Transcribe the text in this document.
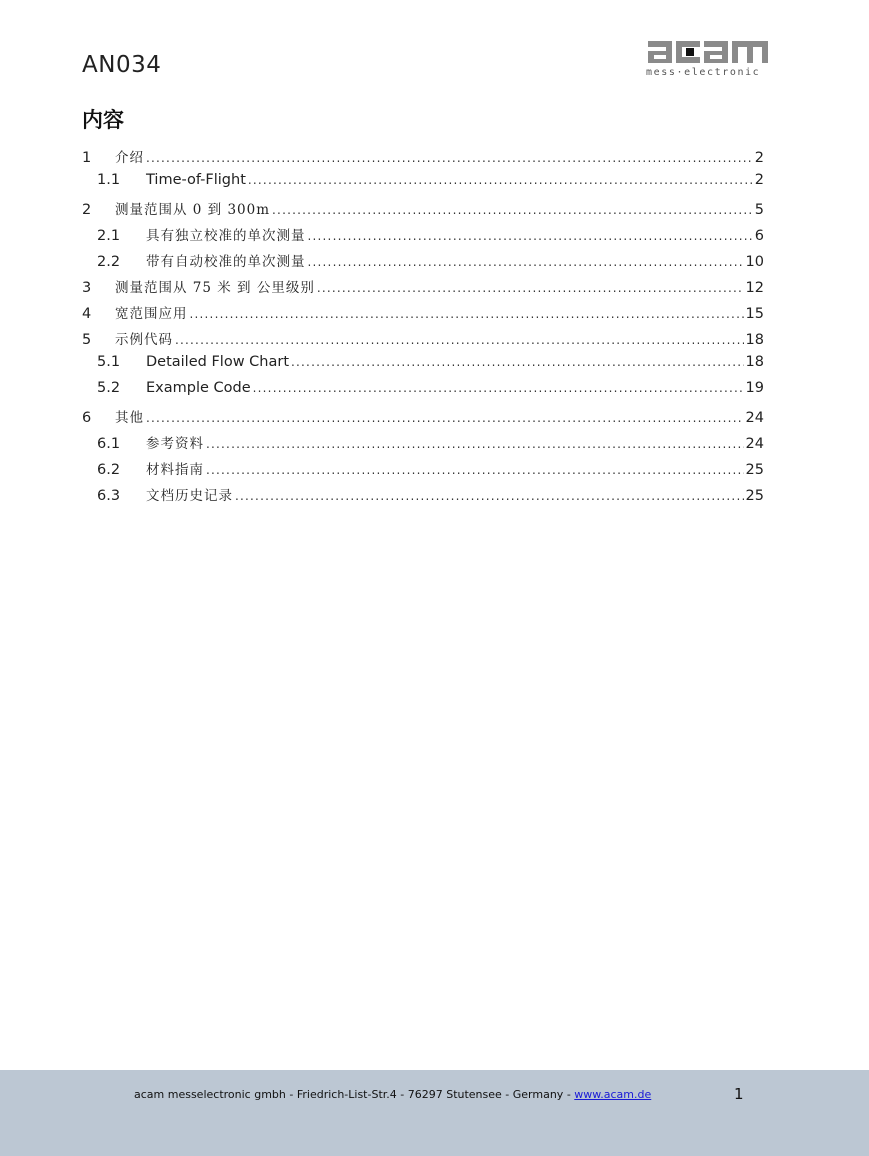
AN034	mess·electronic
内容
1	介绍 .....	2
1.1	Time-of-Flight .....	2
2	测量范围从 0 到 300m .....	5
2.1	具有独立校准的单次测量 .....	6
2.2	带有自动校准的单次测量 .....	10
3	测量范围从 75 米 到 公里级别 .....	12
4	宽范围应用 .....	15
5	示例代码 .....	18
5.1	Detailed Flow Chart .....	18
5.2	Example Code .....	19
6	其他 .....	24
6.1	参考资料 .....	24
6.2	材料指南 .....	25
6.3	文档历史记录 .....	25
acam messelectronic gmbh - Friedrich-List-Str.4 - 76297 Stutensee - Germany - www.acam.de	1
